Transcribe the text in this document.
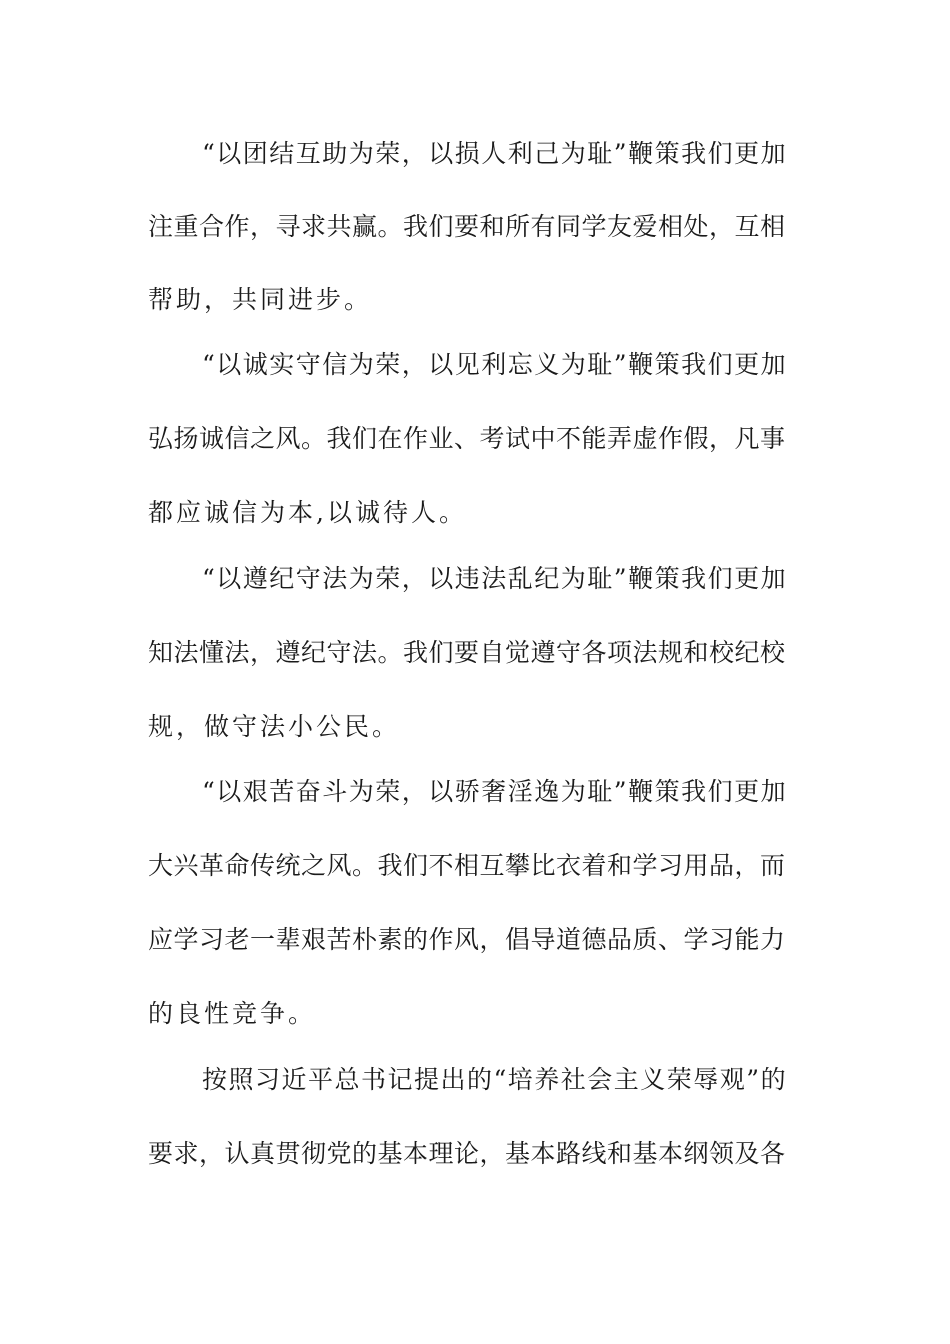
“以团结互助为荣，以损人利己为耻”鞭策我们更加
注重合作，寻求共赢。我们要和所有同学友爱相处，互相
帮助，共同进步。
“以诚实守信为荣，以见利忘义为耻”鞭策我们更加
弘扬诚信之风。我们在作业、考试中不能弄虚作假，凡事
都应诚信为本,以诚待人。
“以遵纪守法为荣，以违法乱纪为耻”鞭策我们更加
知法懂法，遵纪守法。我们要自觉遵守各项法规和校纪校
规，做守法小公民。
“以艰苦奋斗为荣，以骄奢淫逸为耻”鞭策我们更加
大兴革命传统之风。我们不相互攀比衣着和学习用品，而
应学习老一辈艰苦朴素的作风，倡导道德品质、学习能力
的良性竞争。
按照习近平总书记提出的“培养社会主义荣辱观”的
要求，认真贯彻党的基本理论，基本路线和基本纲领及各
